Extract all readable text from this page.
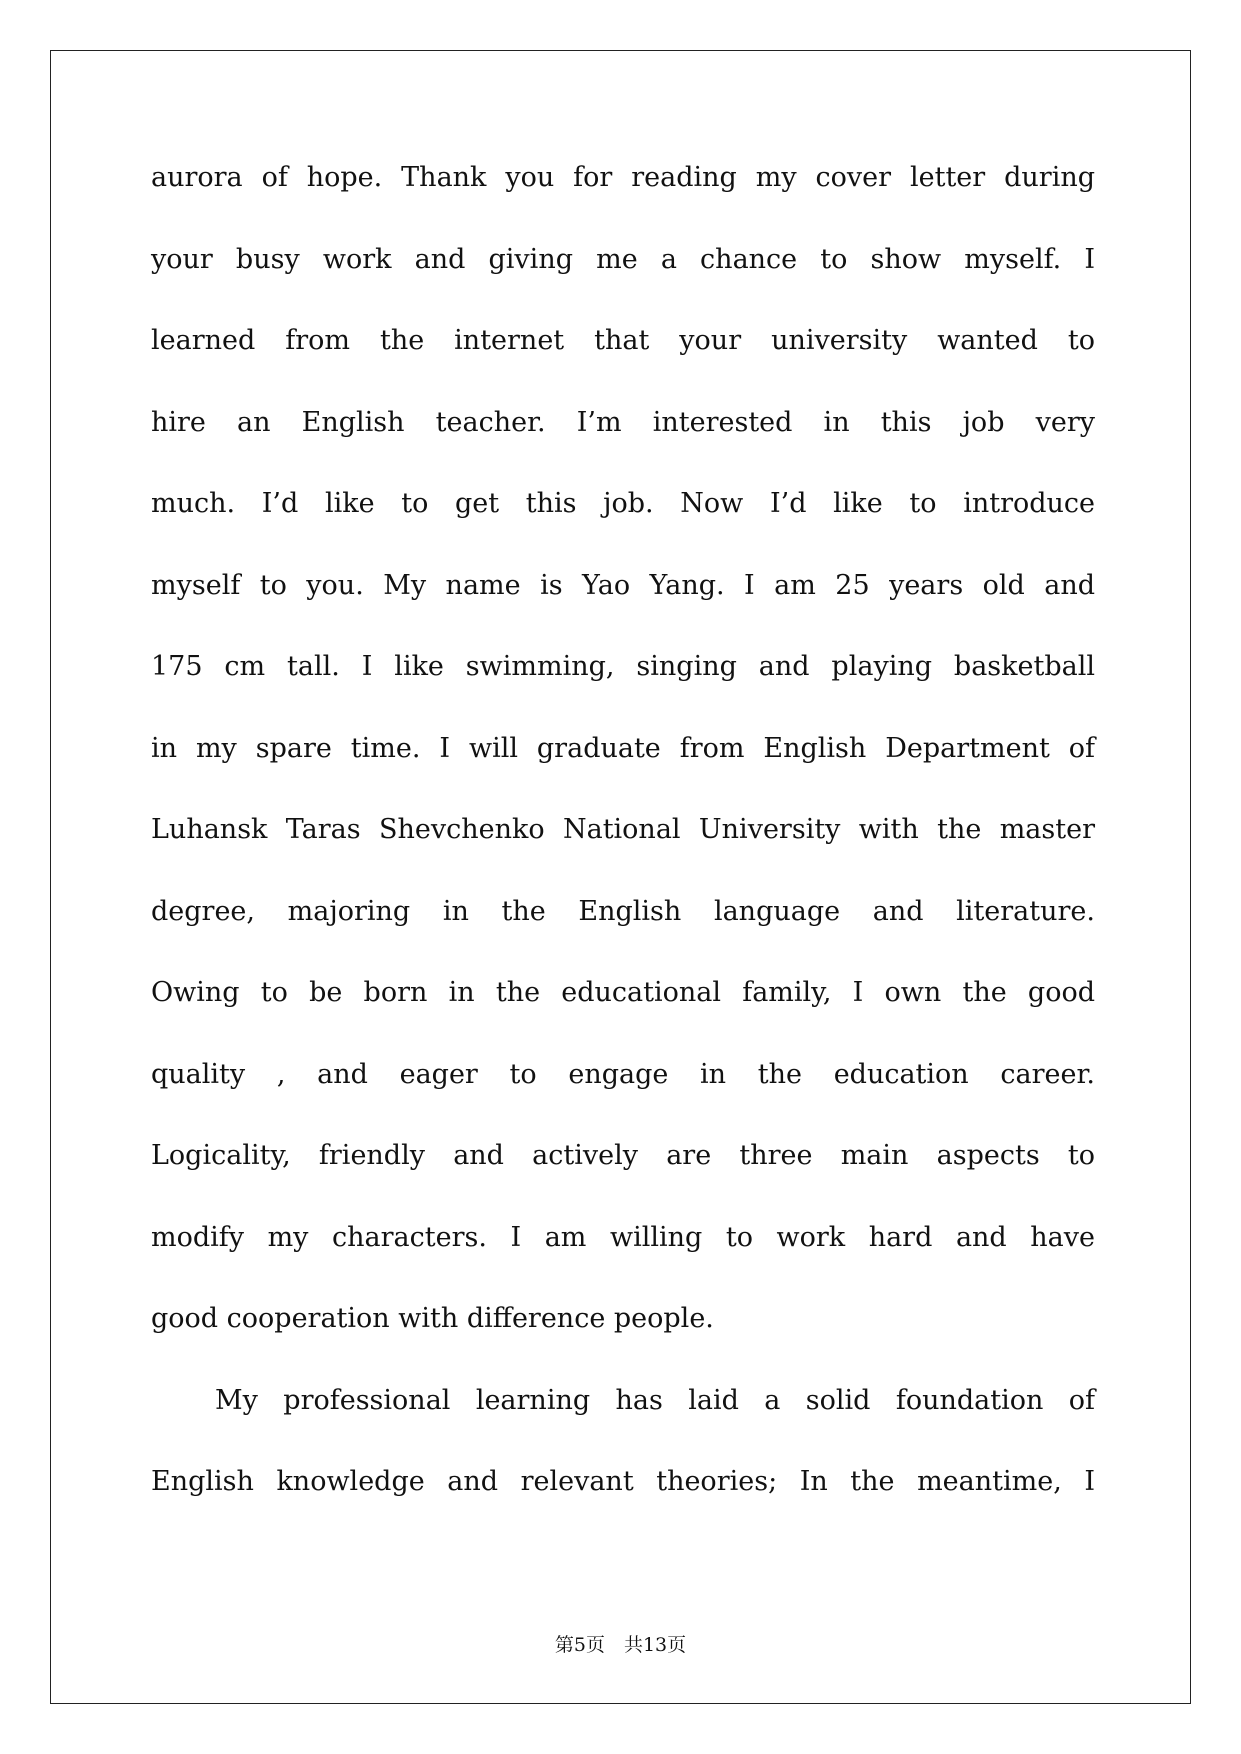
aurora of hope. Thank you for reading my cover letter during
your busy work and giving me a chance to show myself. I
learned from the internet that your university wanted to
hire an English teacher. I’m interested in this job very
much. I’d like to get this job. Now I’d like to introduce
myself to you. My name is Yao Yang. I am 25 years old and
175 cm tall. I like swimming, singing and playing basketball
in my spare time. I will graduate from English Department of
Luhansk Taras Shevchenko National University with the master
degree, majoring in the English language and literature.
Owing to be born in the educational family, I own the good
quality , and eager to engage in the education career.
Logicality, friendly and actively are three main aspects to
modify my characters. I am willing to work hard and have
good cooperation with difference people.
My professional learning has laid a solid foundation of
English knowledge and relevant theories; In the meantime, I
第5页　共13页
